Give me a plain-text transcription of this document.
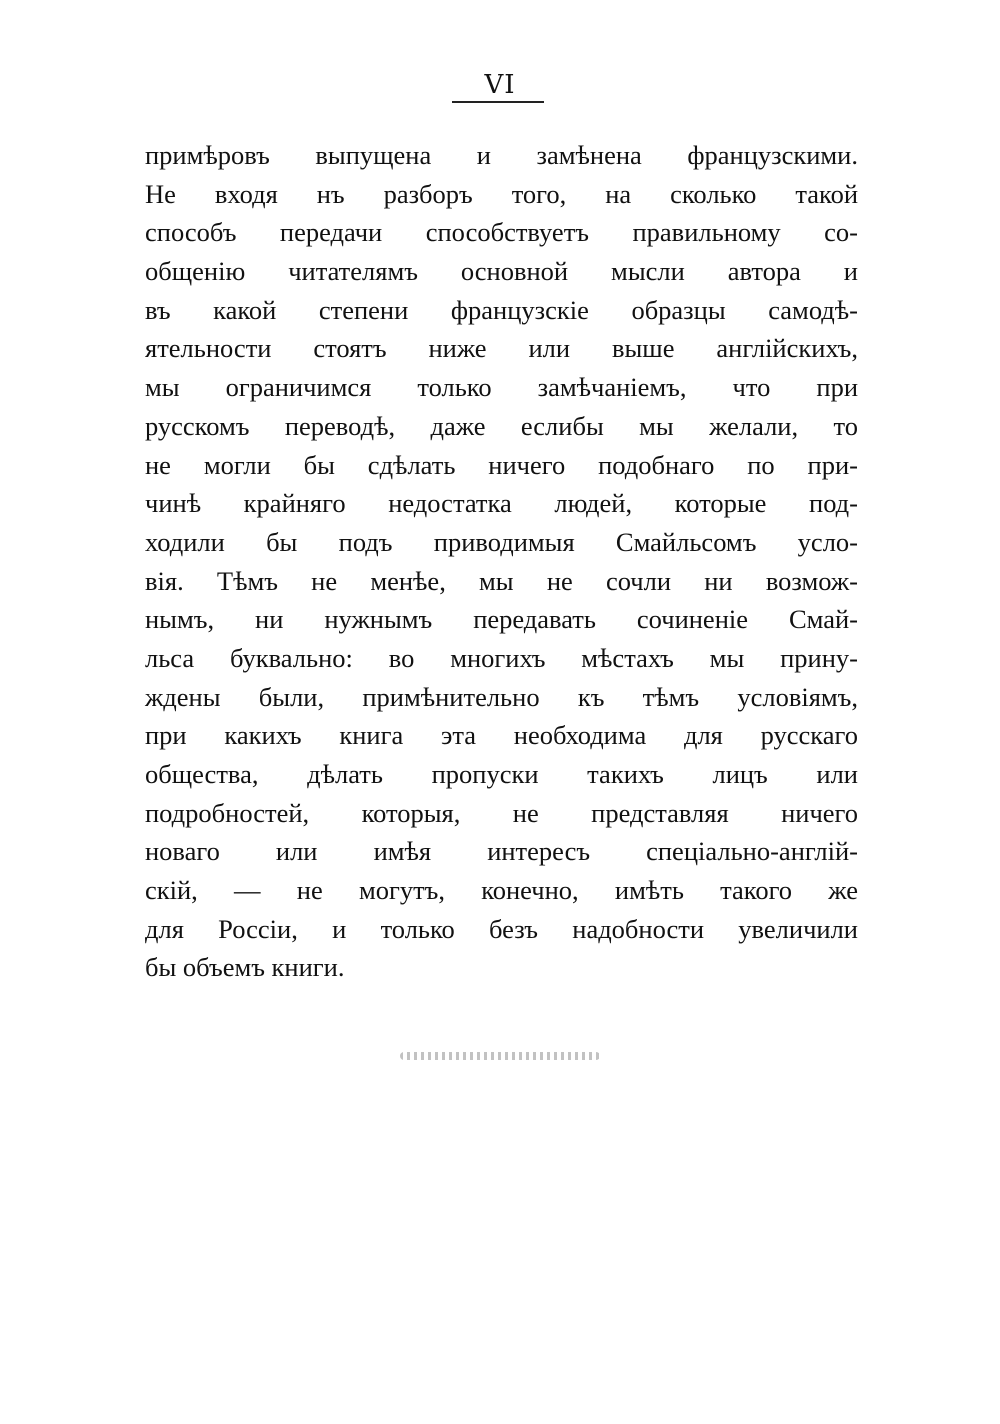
VI
примѣровъ выпущена и замѣнена французскими.
Не входя нъ разборъ того, на сколько такой
способъ передачи способствуетъ правильному со-
общенію читателямъ основной мысли автора и
въ какой степени французскіе образцы самодѣ-
ятельности стоятъ ниже или выше англійскихъ,
мы ограничимся только замѣчаніемъ, что при
русскомъ переводѣ, даже еслибы мы желали, то
не могли бы сдѣлать ничего подобнаго по при-
чинѣ крайняго недостатка людей, которые под-
ходили бы подъ приводимыя Смайльсомъ усло-
вія. Тѣмъ не менѣе, мы не сочли ни возмож-
нымъ, ни нужнымъ передавать сочиненіе Смай-
льса буквально: во многихъ мѣстахъ мы прину-
ждены были, примѣнительно къ тѣмъ условіямъ,
при какихъ книга эта необходима для русскаго
общества, дѣлать пропуски такихъ лицъ или
подробностей, которыя, не представляя ничего
новаго или имѣя интересъ спеціально-англій-
скій, — не могутъ, конечно, имѣть такого же
для Россіи, и только безъ надобности увеличили
бы объемъ книги.
